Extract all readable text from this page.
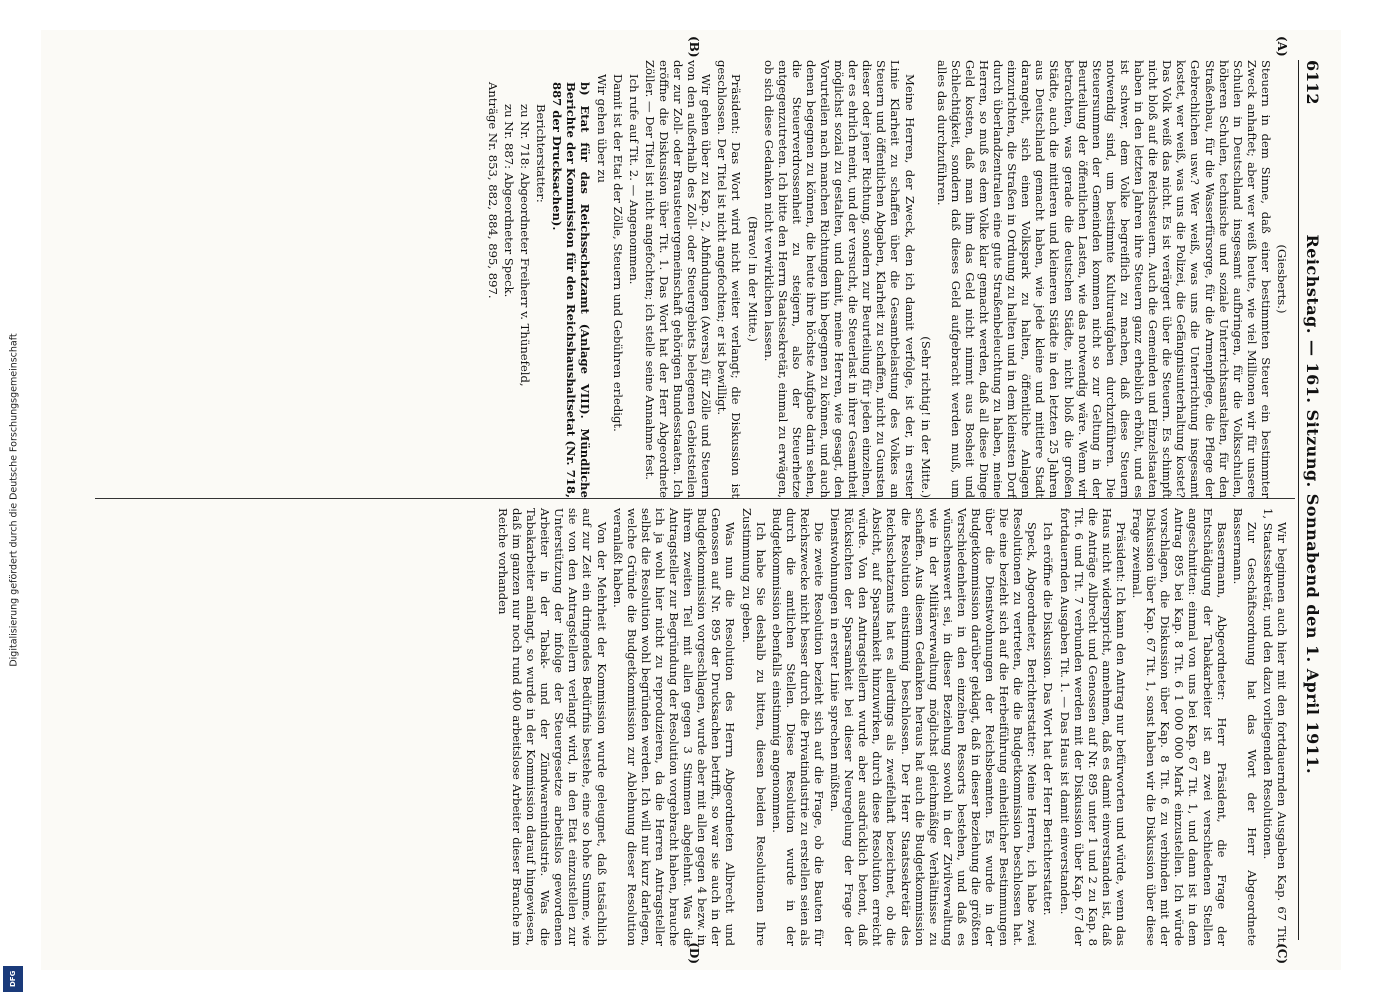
Digitalisierung gefördert durch die Deutsche Forschungsgemeinschaft
DFG
6112
Reichstag. — 161. Sitzung. Sonnabend den 1. April 1911.
(A)
(B)
(C)
(D)

(Giesberts.)

Steuern in dem Sinne, daß einer bestimmten Steuer ein bestimmter Zweck anhaftet; aber wer weiß heute, wie viel Millionen wir für unsere Schulen in Deutschland insgesamt aufbringen, für die Volksschulen, höheren Schulen, technische und soziale Unterrichtsanstalten, für den Straßenbau, für die Wasserfürsorge, für die Armenpflege, die Pflege der Gebrechlichen usw.? Wer weiß, was uns die Unterrichtung insgesamt kostet, wer weiß, was uns die Polizei, die Gefängnisunterhaltung kostet? Das Volk weiß das nicht. Es ist verärgert über die Steuern. Es schimpft nicht bloß auf die Reichssteuern. Auch die Gemeinden und Einzelstaaten haben in den letzten Jahren ihre Steuern ganz erheblich erhöht, und es ist schwer, dem Volke begreiflich zu machen, daß diese Steuern notwendig sind, um bestimmte Kulturaufgaben durchzuführen. Die Steuersummen der Gemeinden kommen nicht so zur Geltung in der Beurteilung der öffentlichen Lasten, wie das notwendig wäre. Wenn wir betrachten, was gerade die deutschen Städte, nicht bloß die großen Städte, auch die mittleren und kleineren Städte in den letzten 25 Jahren aus Deutschland gemacht haben, wie jede kleine und mittlere Stadt darangeht, sich einen Volkspark zu halten, öffentliche Anlagen einzurichten, die Straßen in Ordnung zu halten und in dem kleinsten Dorf durch überlandzentralen eine gute Straßenbeleuchtung zu haben, meine Herren, so muß es dem Volke klar gemacht werden, daß all diese Dinge Geld kosten, daß man ihm das Geld nicht nimmt aus Bosheit und Schlechtigkeit, sondern daß dieses Geld aufgebracht werden muß, um alles das durchzuführen.

(Sehr richtig! in der Mitte.)

Meine Herren, der Zweck, den ich damit verfolge, ist der, in erster Linie Klarheit zu schaffen über die Gesamtbelastung des Volkes an Steuern und öffentlichen Abgaben, Klarheit zu schaffen, nicht zu Gunsten dieser oder jener Richtung, sondern zur Beurteilung für jeden einzelnen, der es ehrlich meint, und der versucht, die Steuerlast in ihrer Gesamtheit möglichst sozial zu gestalten, und damit, meine Herren, wie gesagt, den Vorurteilen nach manchen Richtungen hin begegnen zu können, und auch denen begegnen zu können, die heute ihre höchste Aufgabe darin sehen, die Steuerverdrossenheit zu steigern, also der Steuerhetze entgegenzutreten. Ich bitte den Herrn Staatssekretär, einmal zu erwägen, ob sich diese Gedanken nicht verwirklichen lassen.

(Bravo! in der Mitte.)

Präsident: Das Wort wird nicht weiter verlangt; die Diskussion ist geschlossen. Der Titel ist nicht angefochten; er ist bewilligt.

Wir gehen über zu Kap. 2, Abfindungen (Aversa) für Zölle und Steuern von den außerhalb des Zoll- oder Steuergebiets belegenen Gebietsteilen der zur Zoll- oder Brausteuergemeinschaft gehörigen Bundesstaaten. Ich eröffne die Diskussion über Tit. 1. Das Wort hat der Herr Abgeordnete Zöller. — Der Titel ist nicht angefochten; ich stelle seine Annahme fest.

Ich rufe auf Tit. 2. — Angenommen.

Damit ist der Etat der Zölle, Steuern und Gebühren erledigt.

Wir gehen über zu

b) Etat für das Reichsschatzamt (Anlage VIII). Mündliche Berichte der Kommission für den Reichshaushaltsetat (Nr. 718, 887 der Drucksachen).

Berichterstatter:

zu Nr. 718: Abgeordneter Freiherr v. Thünefeld,

zu Nr. 887: Abgeordneter Speck.

Anträge Nr. 853, 882, 884, 895, 897.

Wir beginnen auch hier mit den fortdauernden Ausgaben Kap. 67 Tit. 1, Staatssekretär, und den dazu vorliegenden Resolutionen.

Zur Geschäftsordnung hat das Wort der Herr Abgeordnete Bassermann.

Bassermann, Abgeordneter: Herr Präsident, die Frage der Entschädigung der Tabakarbeiter ist an zwei verschiedenen Stellen angeschnitten: einmal von uns bei Kap. 67 Tit. 1, und dann ist in dem Antrag 895 bei Kap. 8 Tit. 6 1 000 000 Mark einzustellen. Ich würde vorschlagen, die Diskussion über Kap. 8 Tit. 6 zu verbinden mit der Diskussion über Kap. 67 Tit. 1, sonst haben wir die Diskussion über diese Frage zweimal.

Präsident: Ich kann den Antrag nur befürworten und würde, wenn das Haus nicht widerspricht, annehmen, daß es damit einverstanden ist, daß die Anträge Albrecht und Genossen auf Nr. 895 unter 1 und 2 zu Kap. 8 Tit. 6 und Tit. 7 verbunden werden mit der Diskussion über Kap. 67 der fortdauernden Ausgaben Tit. 1. — Das Haus ist damit einverstanden.

Ich eröffne die Diskussion. Das Wort hat der Herr Berichterstatter.

Speck, Abgeordneter, Berichterstatter: Meine Herren, ich habe zwei Resolutionen zu vertreten, die die Budgetkommission beschlossen hat. Die eine bezieht sich auf die Herbeiführung einheitlicher Bestimmungen über die Dienstwohnungen der Reichsbeamten. Es wurde in der Budgetkommission darüber geklagt, daß in dieser Beziehung die größten Verschiedenheiten in den einzelnen Ressorts bestehen, und daß es wünschenswert sei, in dieser Beziehung sowohl in der Zivilverwaltung wie in der Militärverwaltung möglichst gleichmäßige Verhältnisse zu schaffen. Aus diesem Gedanken heraus hat auch die Budgetkommission die Resolution einstimmig beschlossen. Der Herr Staatssekretär des Reichsschatzamts hat es allerdings als zweifelhaft bezeichnet, ob die Absicht, auf Sparsamkeit hinzuwirken, durch diese Resolution erreicht würde. Von den Antragstellern wurde aber ausdrücklich betont, daß Rücksichten der Sparsamkeit bei dieser Neuregelung der Frage der Dienstwohnungen in erster Linie sprechen müßten.

Die zweite Resolution bezieht sich auf die Frage, ob die Bauten für Reichszwecke nicht besser durch die Privatindustrie zu erstellen seien als durch die amtlichen Stellen. Diese Resolution wurde in der Budgetkommission ebenfalls einstimmig angenommen.

Ich habe Sie deshalb zu bitten, diesen beiden Resolutionen Ihre Zustimmung zu geben.

Was nun die Resolution des Herrn Abgeordneten Albrecht und Genossen auf Nr. 895 der Drucksachen betrifft, so war sie auch in der Budgetkommission vorgeschlagen, wurde aber mit allen gegen 4 bezw. in ihrem zweiten Teil mit allen gegen 3 Stimmen abgelehnt. Was die Antragsteller zur Begründung der Resolution vorgebracht haben, brauche ich ja wohl hier nicht zu reproduzieren, da die Herren Antragsteller selbst die Resolution wohl begründen werden. Ich will nur kurz darlegen, welche Gründe die Budgetkommission zur Ablehnung dieser Resolution veranlaßt haben.

Von der Mehrheit der Kommission wurde geleugnet, daß tatsächlich auf zur Zeit ein dringendes Bedürfnis bestehe, eine so hohe Summe, wie sie von den Antragstellern verlangt wird, in den Etat einzustellen zur Unterstützung der infolge der Steuergesetze arbeitslos gewordenen Arbeiter in der Tabak- und der Zündwarenindustrie. Was die Tabakarbeiter anlangt, so wurde in der Kommission darauf hingewiesen, daß im ganzen nur noch rund 400 arbeitslose Arbeiter dieser Branche im Reiche vorhanden
